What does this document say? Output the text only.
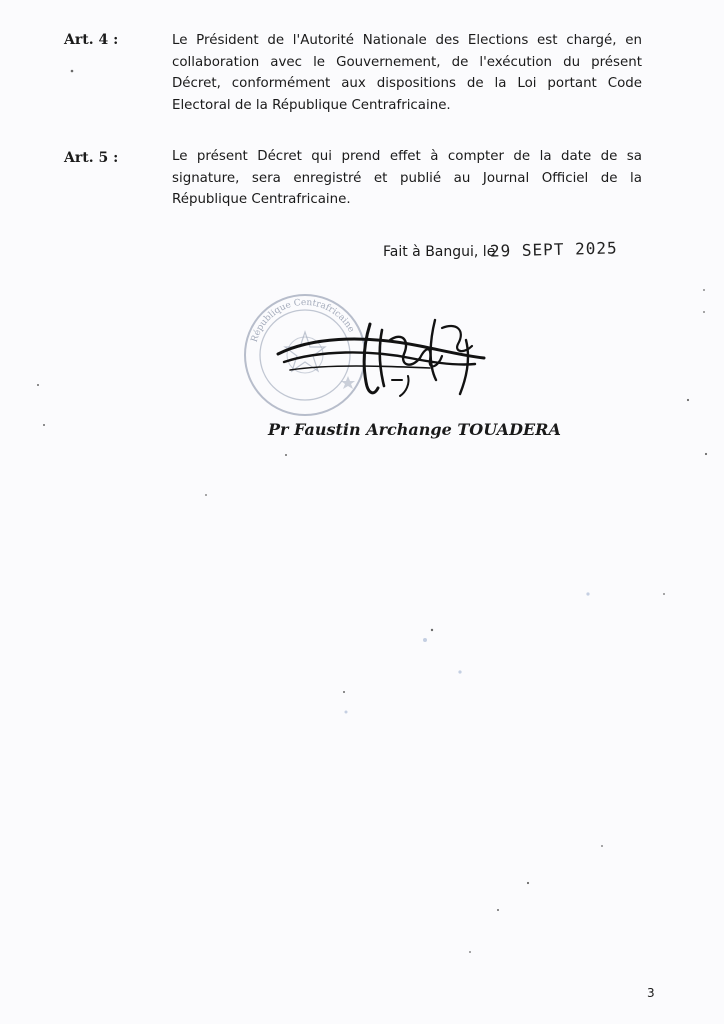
Art. 4 :	Le Président de l'Autorité Nationale des Elections est chargé, en collaboration avec le Gouvernement, de l'exécution du présent Décret, conformément aux dispositions de la Loi portant Code Electoral de la République Centrafricaine.
Art. 5 :	Le présent Décret qui prend effet à compter de la date de sa signature, sera enregistré et publié au Journal Officiel de la République Centrafricaine.
Fait à Bangui, le
29 SEPT 2025
République Centrafricaine
Pr Faustin Archange TOUADERA
3
